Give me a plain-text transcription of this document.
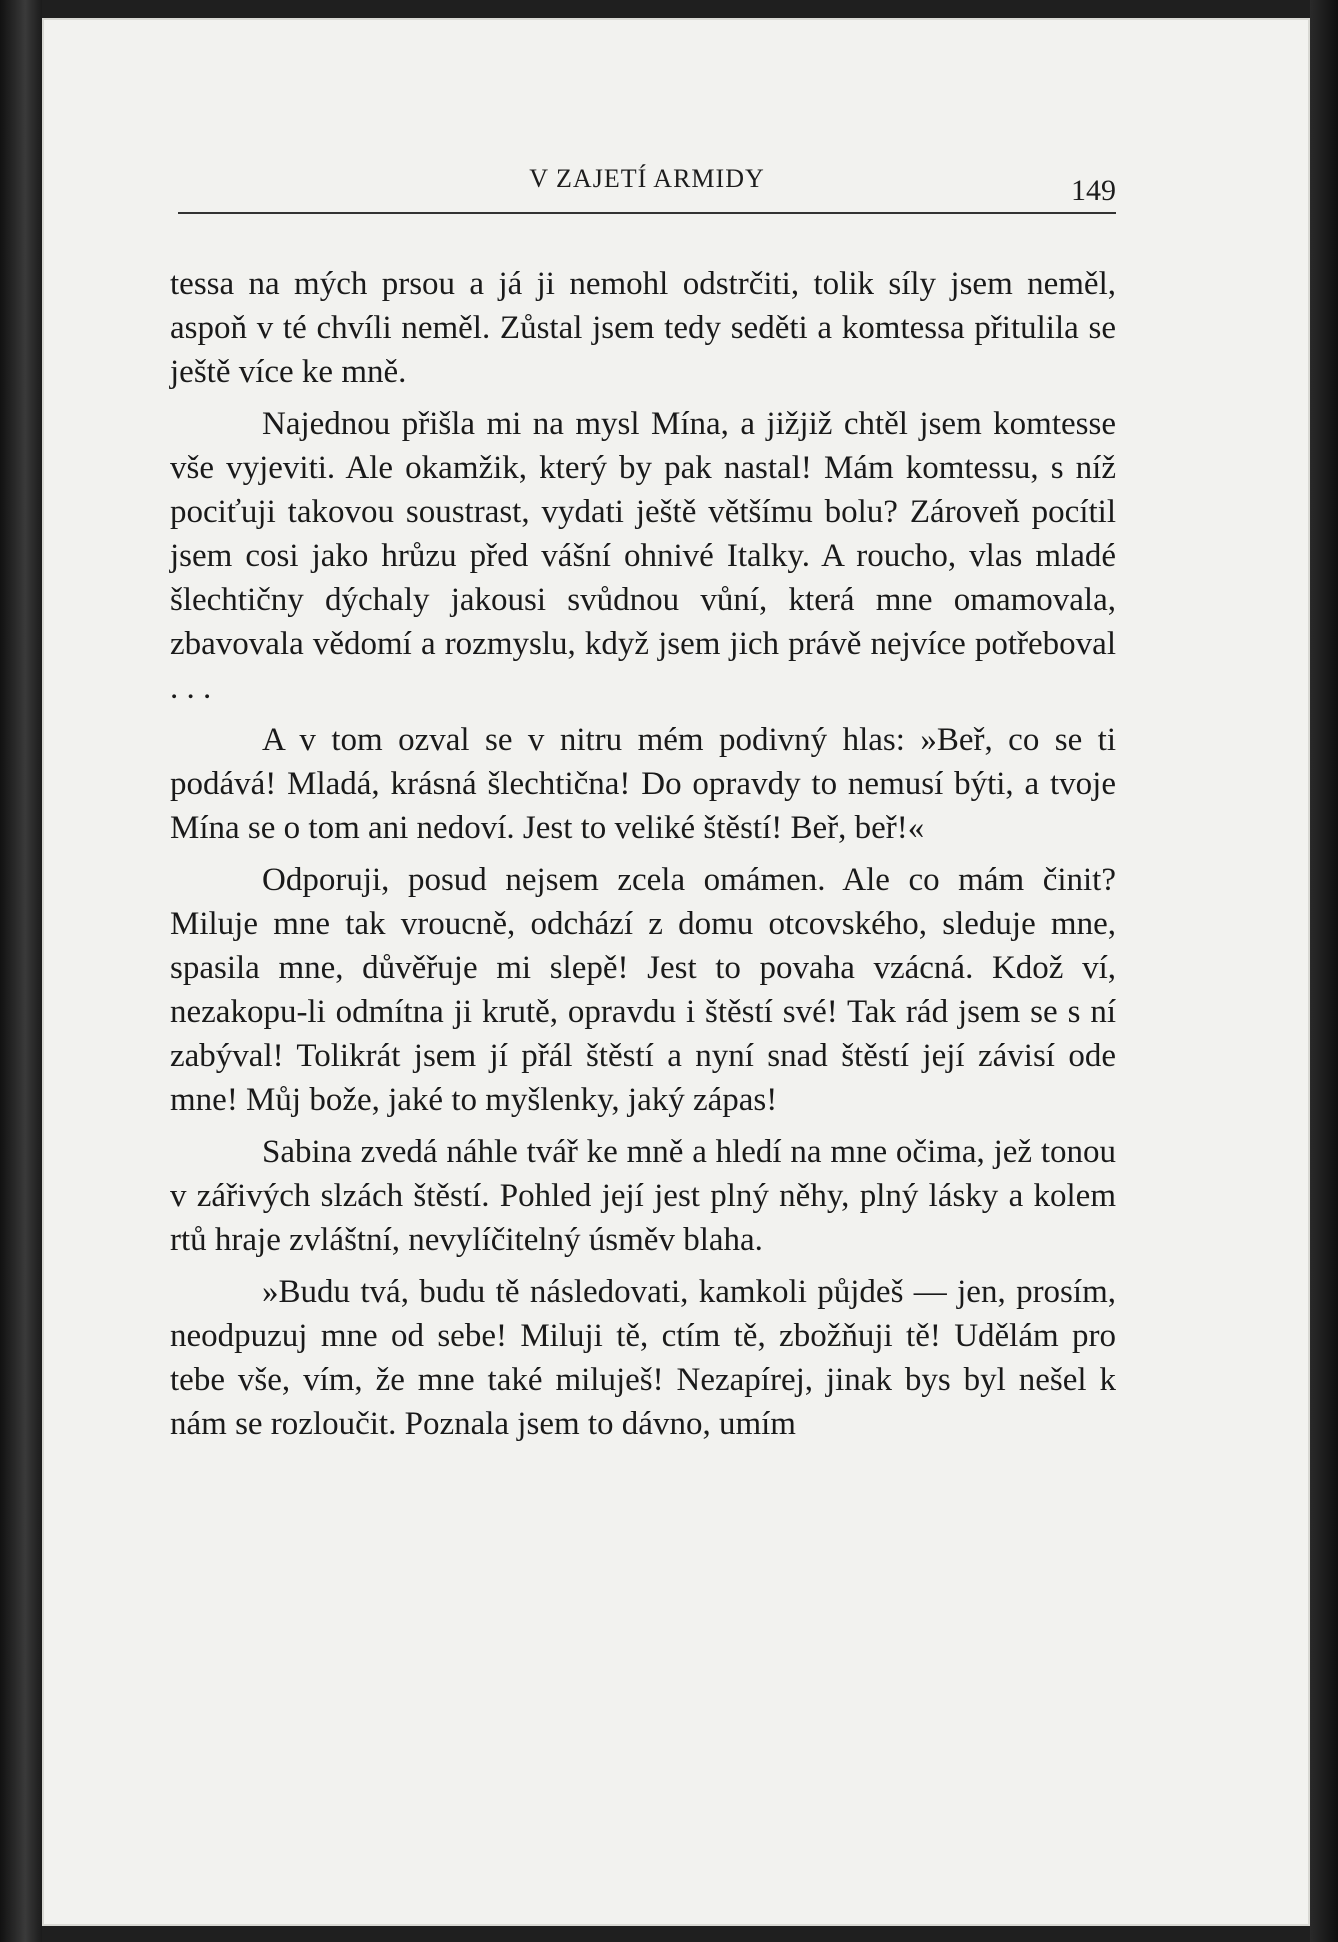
V ZAJETÍ ARMIDY	149

tessa na mých prsou a já ji nemohl odstrčiti, tolik síly jsem neměl, aspoň v té chvíli neměl. Zůstal jsem tedy seděti a komtessa přitulila se ještě více ke mně.

Najednou přišla mi na mysl Mína, a jižjiž chtěl jsem komtesse vše vyjeviti. Ale okamžik, který by pak nastal! Mám komtessu, s níž pociťuji takovou soustrast, vydati ještě většímu bolu? Zároveň pocítil jsem cosi jako hrůzu před vášní ohnivé Italky. A roucho, vlas mladé šlechtičny dýchaly jakousi svůdnou vůní, která mne omamovala, zbavovala vědomí a rozmyslu, když jsem jich právě nejvíce potřeboval . . .

A v tom ozval se v nitru mém podivný hlas: »Beř, co se ti podává! Mladá, krásná šlechtična! Do opravdy to nemusí býti, a tvoje Mína se o tom ani nedoví. Jest to veliké štěstí! Beř, beř!«

Odporuji, posud nejsem zcela omámen. Ale co mám činit? Miluje mne tak vroucně, odchází z domu otcovského, sleduje mne, spasila mne, důvěřuje mi slepě! Jest to povaha vzácná. Kdož ví, nezakopu-li odmítna ji krutě, opravdu i štěstí své! Tak rád jsem se s ní zabýval! Tolikrát jsem jí přál štěstí a nyní snad štěstí její závisí ode mne! Můj bože, jaké to myšlenky, jaký zápas!

Sabina zvedá náhle tvář ke mně a hledí na mne očima, jež tonou v zářivých slzách štěstí. Pohled její jest plný něhy, plný lásky a kolem rtů hraje zvláštní, nevylíčitelný úsměv blaha.

»Budu tvá, budu tě následovati, kamkoli půjdeš — jen, prosím, neodpuzuj mne od sebe! Miluji tě, ctím tě, zbožňuji tě! Udělám pro tebe vše, vím, že mne také miluješ! Nezapírej, jinak bys byl nešel k nám se rozloučit. Poznala jsem to dávno, umím
